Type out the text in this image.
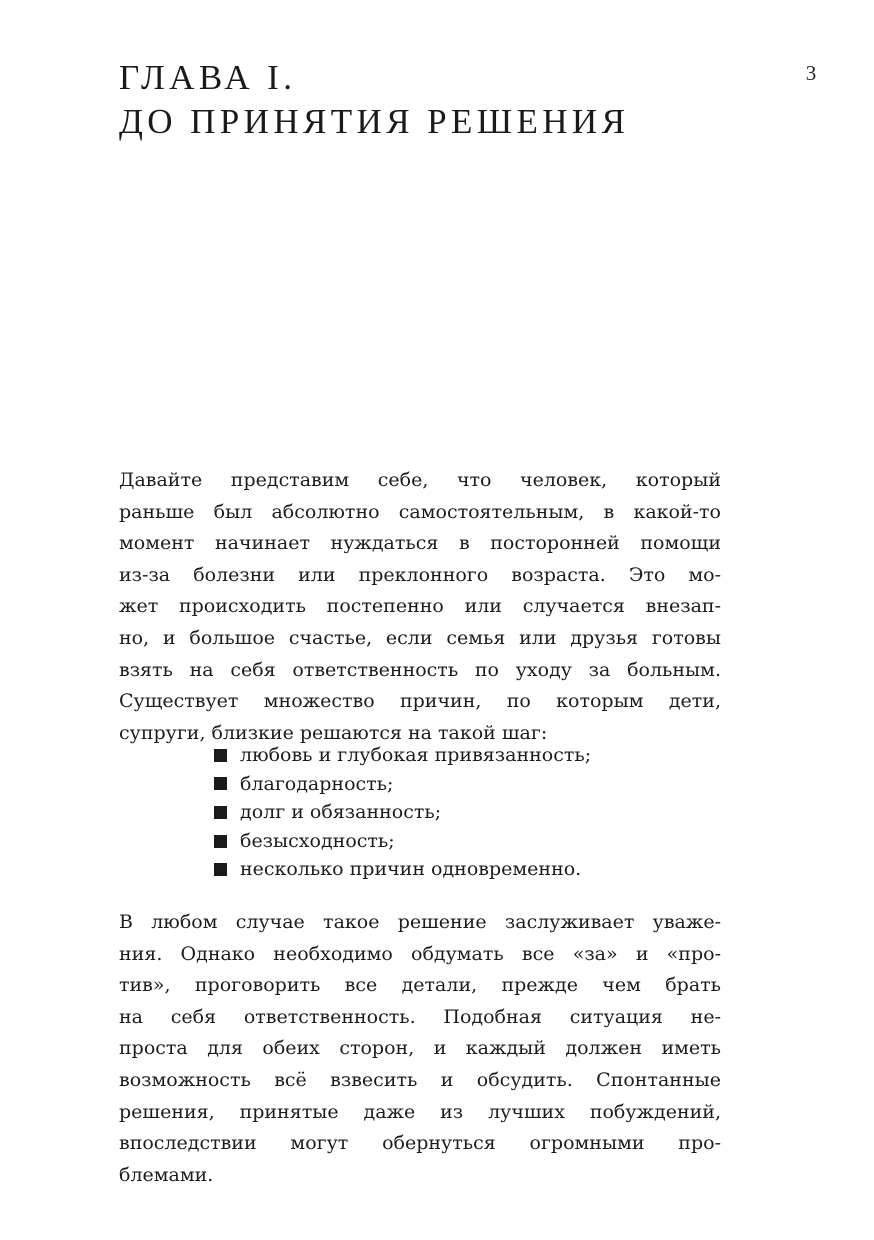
3
ГЛАВА I.
ДО ПРИНЯТИЯ РЕШЕНИЯ

Давайте представим себе, что человек, который
раньше был абсолютно самостоятельным, в какой-то
момент начинает нуждаться в посторонней помощи
из-за болезни или преклонного возраста. Это мо-
жет происходить постепенно или случается внезап-
но, и большое счастье, если семья или друзья готовы
взять на себя ответственность по уходу за больным.
Существует множество причин, по которым дети,
супруги, близкие решаются на такой шаг:

любовь и глубокая привязанность;
благодарность;
долг и обязанность;
безысходность;
несколько причин одновременно.

В любом случае такое решение заслуживает уваже-
ния. Однако необходимо обдумать все «за» и «про-
тив», проговорить все детали, прежде чем брать
на себя ответственность. Подобная ситуация не-
проста для обеих сторон, и каждый должен иметь
возможность всё взвесить и обсудить. Спонтанные
решения, принятые даже из лучших побуждений,
впоследствии могут обернуться огромными про-
блемами.
